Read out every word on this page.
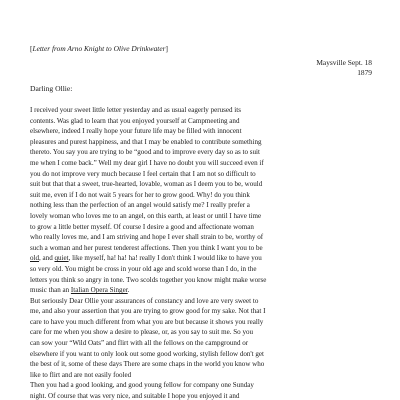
[Letter from Arno Knight to Olive Drinkwater]
Maysville Sept. 18
1879
Darling Ollie:
I received your sweet little letter yesterday and as usual eagerly perused its
contents. Was glad to learn that you enjoyed yourself at Campmeeting and
elsewhere, indeed I really hope your future life may be filled with innocent
pleasures and purest happiness, and that I may be enabled to contribute something
thereto. You say you are trying to be “good and to improve every day so as to suit
me when I come back.” Well my dear girl I have no doubt you will succeed even if
you do not improve very much because I feel certain that I am not so difficult to
suit but that that a sweet, true-hearted, lovable, woman as I deem you to be, would
suit me, even if I do not wait 5 years for her to grow good. Why! do you think
nothing less than the perfection of an angel would satisfy me? I really prefer a
lovely woman who loves me to an angel, on this earth, at least or until I have time
to grow a little better myself. Of course I desire a good and affectionate woman
who really loves me, and I am striving and hope I ever shall strain to be, worthy of
such a woman and her purest tenderest affections. Then you think I want you to be
old, and quiet, like myself, ha! ha! ha! really I don't think I would like to have you
so very old. You might be cross in your old age and scold worse than I do, in the
letters you think so angry in tone. Two scolds together you know might make worse
music than an Italian Opera Singer.
But seriously Dear Ollie your assurances of constancy and love are very sweet to
me, and also your assertion that you are trying to grow good for my sake. Not that I
care to have you much different from what you are but because it shows you really
care for me when you show a desire to please, or, as you say to suit me. So you
can sow your “Wild Oats” and flirt with all the fellows on the campground or
elsewhere if you want to only look out some good working, stylish fellow don't get
the best of it, some of these days There are some chaps in the world you know who
like to flirt and are not easily fooled
Then you had a good looking, and good young fellow for company one Sunday
night. Of course that was very nice, and suitable I hope you enjoyed it and
